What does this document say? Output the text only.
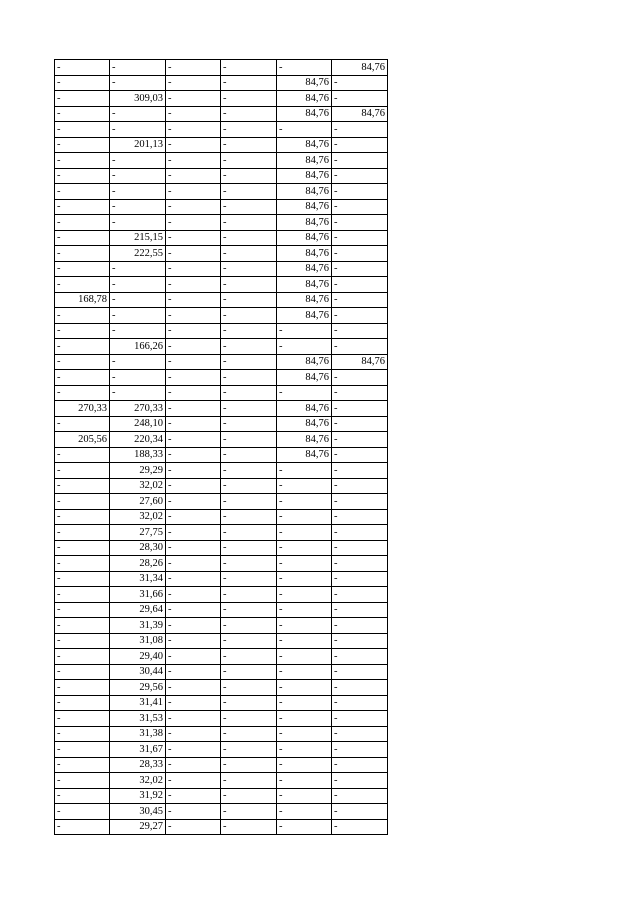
-	-	-	-	-	84,76
-	-	-	-	84,76	-
-	309,03	-	-	84,76	-
-	-	-	-	84,76	84,76
-	-	-	-	-	-
-	201,13	-	-	84,76	-
-	-	-	-	84,76	-
-	-	-	-	84,76	-
-	-	-	-	84,76	-
-	-	-	-	84,76	-
-	-	-	-	84,76	-
-	215,15	-	-	84,76	-
-	222,55	-	-	84,76	-
-	-	-	-	84,76	-
-	-	-	-	84,76	-
168,78	-	-	-	84,76	-
-	-	-	-	84,76	-
-	-	-	-	-	-
-	166,26	-	-	-	-
-	-	-	-	84,76	84,76
-	-	-	-	84,76	-
-	-	-	-	-	-
270,33	270,33	-	-	84,76	-
-	248,10	-	-	84,76	-
205,56	220,34	-	-	84,76	-
-	188,33	-	-	84,76	-
-	29,29	-	-	-	-
-	32,02	-	-	-	-
-	27,60	-	-	-	-
-	32,02	-	-	-	-
-	27,75	-	-	-	-
-	28,30	-	-	-	-
-	28,26	-	-	-	-
-	31,34	-	-	-	-
-	31,66	-	-	-	-
-	29,64	-	-	-	-
-	31,39	-	-	-	-
-	31,08	-	-	-	-
-	29,40	-	-	-	-
-	30,44	-	-	-	-
-	29,56	-	-	-	-
-	31,41	-	-	-	-
-	31,53	-	-	-	-
-	31,38	-	-	-	-
-	31,67	-	-	-	-
-	28,33	-	-	-	-
-	32,02	-	-	-	-
-	31,92	-	-	-	-
-	30,45	-	-	-	-
-	29,27	-	-	-	-
